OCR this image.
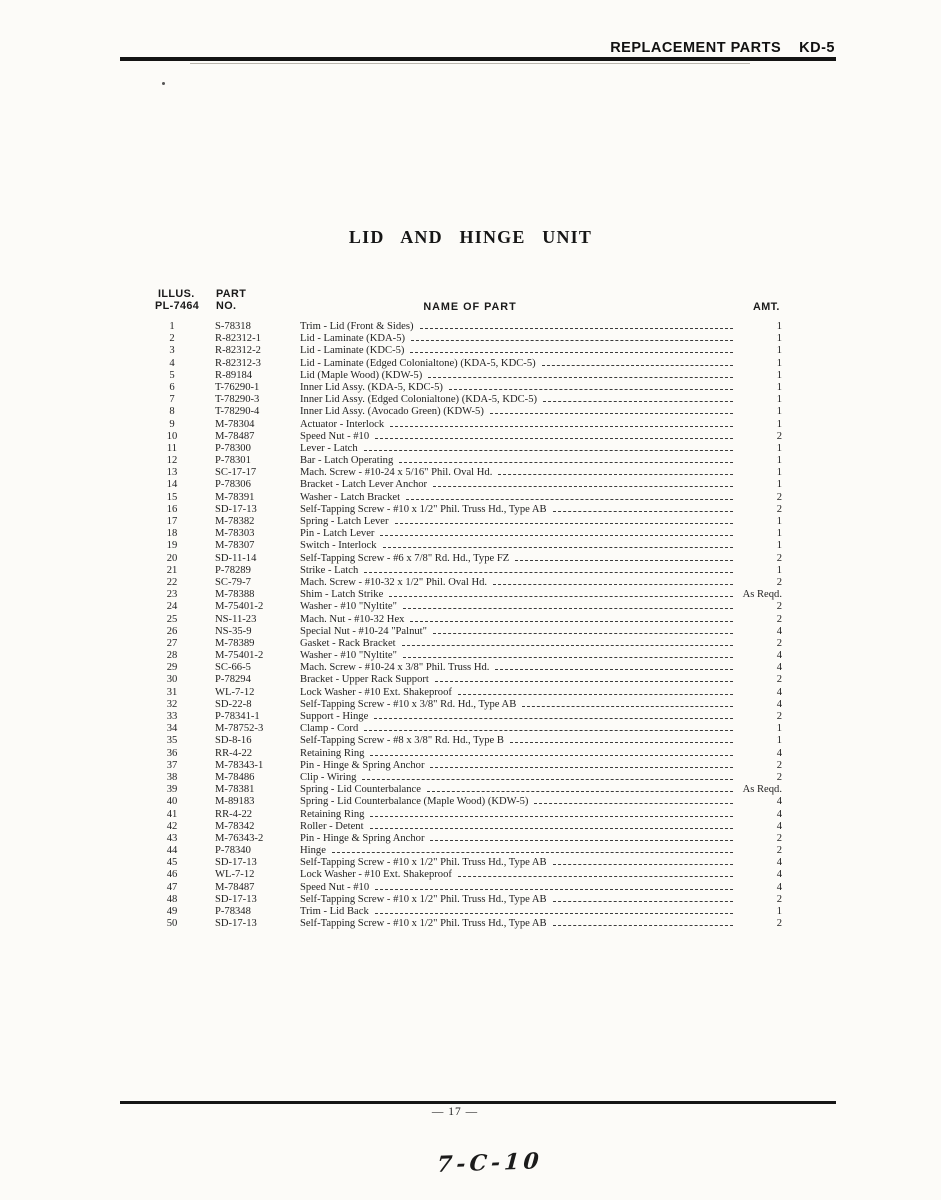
REPLACEMENT PARTS KD-5
LID AND HINGE UNIT
ILLUS.
PL-7464
PART
NO.	NAME OF PART	AMT.
1	S-78318	Trim - Lid (Front & Sides)	1
2	R-82312-1	Lid - Laminate (KDA-5)	1
3	R-82312-2	Lid - Laminate (KDC-5)	1
4	R-82312-3	Lid - Laminate (Edged Colonialtone) (KDA-5, KDC-5)	1
5	R-89184	Lid (Maple Wood) (KDW-5)	1
6	T-76290-1	Inner Lid Assy. (KDA-5, KDC-5)	1
7	T-78290-3	Inner Lid Assy. (Edged Colonialtone) (KDA-5, KDC-5)	1
8	T-78290-4	Inner Lid Assy. (Avocado Green) (KDW-5)	1
9	M-78304	Actuator - Interlock	1
10	M-78487	Speed Nut - #10	2
11	P-78300	Lever - Latch	1
12	P-78301	Bar - Latch Operating	1
13	SC-17-17	Mach. Screw - #10-24 x 5/16" Phil. Oval Hd.	1
14	P-78306	Bracket - Latch Lever Anchor	1
15	M-78391	Washer - Latch Bracket	2
16	SD-17-13	Self-Tapping Screw - #10 x 1/2" Phil. Truss Hd., Type AB	2
17	M-78382	Spring - Latch Lever	1
18	M-78303	Pin - Latch Lever	1
19	M-78307	Switch - Interlock	1
20	SD-11-14	Self-Tapping Screw - #6 x 7/8" Rd. Hd., Type FZ	2
21	P-78289	Strike - Latch	1
22	SC-79-7	Mach. Screw - #10-32 x 1/2" Phil. Oval Hd.	2
23	M-78388	Shim - Latch Strike	As Reqd.
24	M-75401-2	Washer - #10 "Nyltite"	2
25	NS-11-23	Mach. Nut - #10-32 Hex	2
26	NS-35-9	Special Nut - #10-24 "Palnut"	4
27	M-78389	Gasket - Rack Bracket	2
28	M-75401-2	Washer - #10 "Nyltite"	4
29	SC-66-5	Mach. Screw - #10-24 x 3/8" Phil. Truss Hd.	4
30	P-78294	Bracket - Upper Rack Support	2
31	WL-7-12	Lock Washer - #10 Ext. Shakeproof	4
32	SD-22-8	Self-Tapping Screw - #10 x 3/8" Rd. Hd., Type AB	4
33	P-78341-1	Support - Hinge	2
34	M-78752-3	Clamp - Cord	1
35	SD-8-16	Self-Tapping Screw - #8 x 3/8" Rd. Hd., Type B	1
36	RR-4-22	Retaining Ring	4
37	M-78343-1	Pin - Hinge & Spring Anchor	2
38	M-78486	Clip - Wiring	2
39	M-78381	Spring - Lid Counterbalance	As Reqd.
40	M-89183	Spring - Lid Counterbalance (Maple Wood) (KDW-5)	4
41	RR-4-22	Retaining Ring	4
42	M-78342	Roller - Detent	4
43	M-76343-2	Pin - Hinge & Spring Anchor	2
44	P-78340	Hinge	2
45	SD-17-13	Self-Tapping Screw - #10 x 1/2" Phil. Truss Hd., Type AB	4
46	WL-7-12	Lock Washer - #10 Ext. Shakeproof	4
47	M-78487	Speed Nut - #10	4
48	SD-17-13	Self-Tapping Screw - #10 x 1/2" Phil. Truss Hd., Type AB	2
49	P-78348	Trim - Lid Back	1
50	SD-17-13	Self-Tapping Screw - #10 x 1/2" Phil. Truss Hd., Type AB	2
— 17 —
7-C-10
